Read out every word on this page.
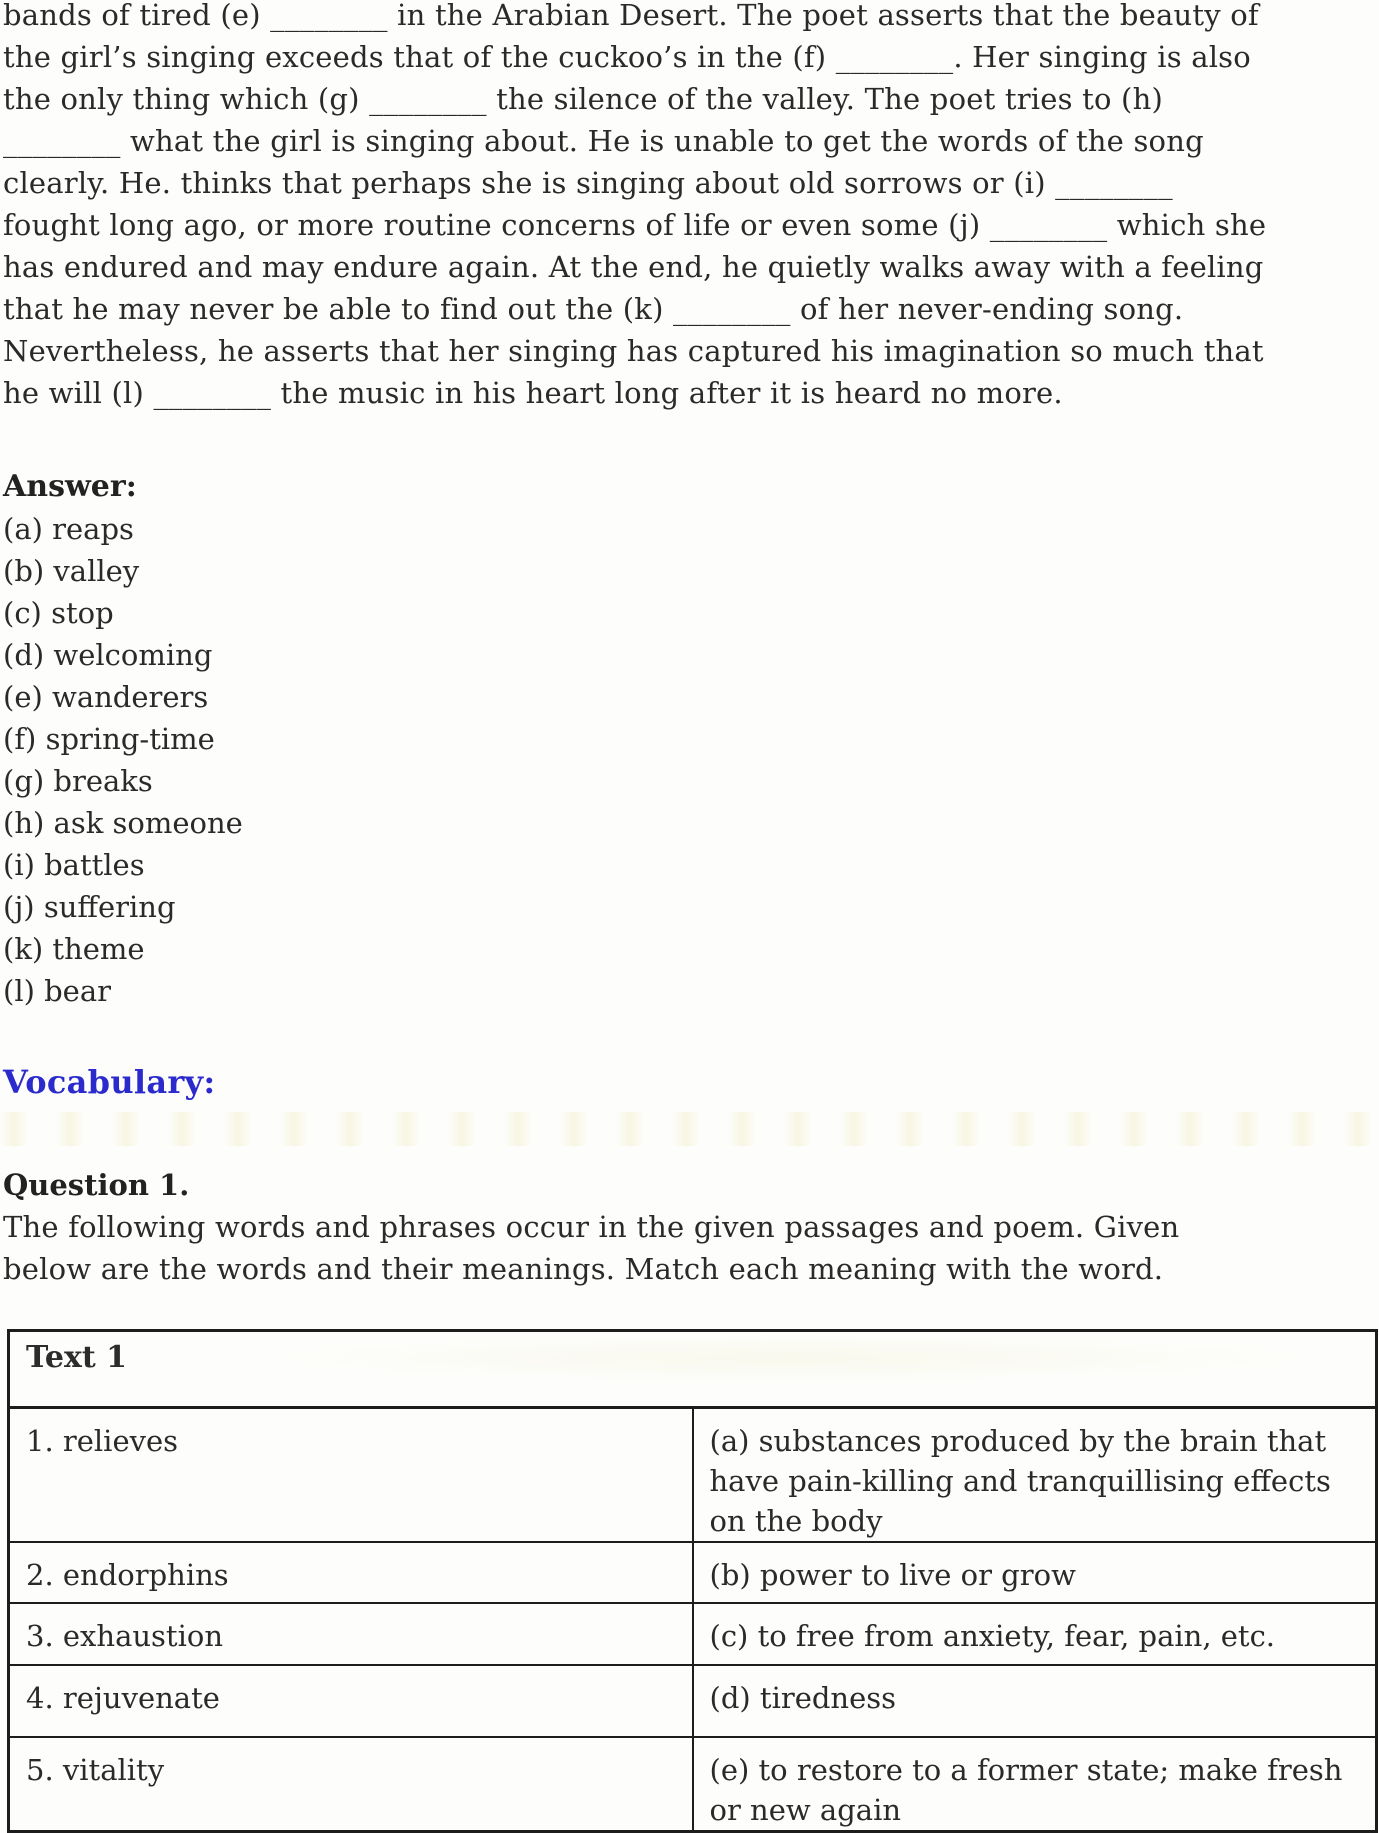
bands of tired (e) ________ in the Arabian Desert. The poet asserts that the beauty of
the girl’s singing exceeds that of the cuckoo’s in the (f) ________. Her singing is also
the only thing which (g) ________ the silence of the valley. The poet tries to (h)
________ what the girl is singing about. He is unable to get the words of the song
clearly. He. thinks that perhaps she is singing about old sorrows or (i) ________
fought long ago, or more routine concerns of life or even some (j) ________ which she
has endured and may endure again. At the end, he quietly walks away with a feeling
that he may never be able to find out the (k) ________ of her never-ending song.
Nevertheless, he asserts that her singing has captured his imagination so much that
he will (l) ________ the music in his heart long after it is heard no more.
Answer:
(a) reaps
(b) valley
(c) stop
(d) welcoming
(e) wanderers
(f) spring-time
(g) breaks
(h) ask someone
(i) battles
(j) suffering
(k) theme
(l) bear
Vocabulary:
Question 1.
The following words and phrases occur in the given passages and poem. Given
below are the words and their meanings. Match each meaning with the word.
Text 1	
1. relieves	(a) substances produced by the brain that have pain-killing and tranquillising effects on the body

2. endorphins	(b) power to live or grow

3. exhaustion	(c) to free from anxiety, fear, pain, etc.

4. rejuvenate	(d) tiredness

5. vitality	(e) to restore to a former state; make fresh or new again
